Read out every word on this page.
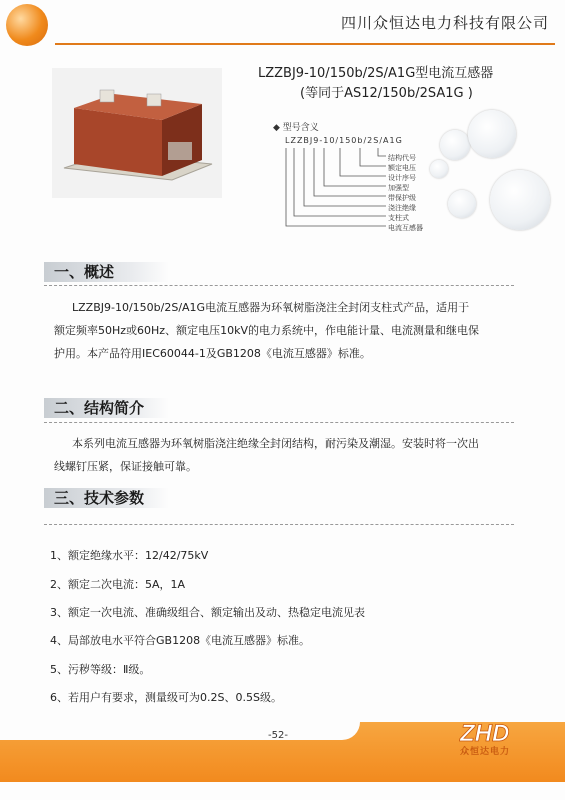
四川众恒达电力科技有限公司
LZZBJ9-10/150b/2S/A1G型电流互感器
(等同于AS12/150b/2SA1G )
◆ 型号含义
LZZBJ9-10/150b/2S/A1G
结构代号
额定电压
设计序号
加强型
带保护级
浇注绝缘
支柱式
电流互感器
一、概述

LZZBJ9-10/150b/2S/A1G电流互感器为环氧树脂浇注全封闭支柱式产品，适用于

额定频率50Hz或60Hz、额定电压10kV的电力系统中，作电能计量、电流测量和继电保

护用。本产品符用IEC60044-1及GB1208《电流互感器》标准。

二、结构简介

本系列电流互感器为环氧树脂浇注绝缘全封闭结构，耐污染及潮湿。安装时将一次出

线螺钉压紧，保证接触可靠。

三、技术参数
1、额定绝缘水平：12/42/75kV
2、额定二次电流：5A，1A
3、额定一次电流、准确级组合、额定输出及动、热稳定电流见表
4、局部放电水平符合GB1208《电流互感器》标准。
5、污秽等级：Ⅱ级。
6、若用户有要求，测量级可为0.2S、0.5S级。
-52-	ZHD
众恒达电力
